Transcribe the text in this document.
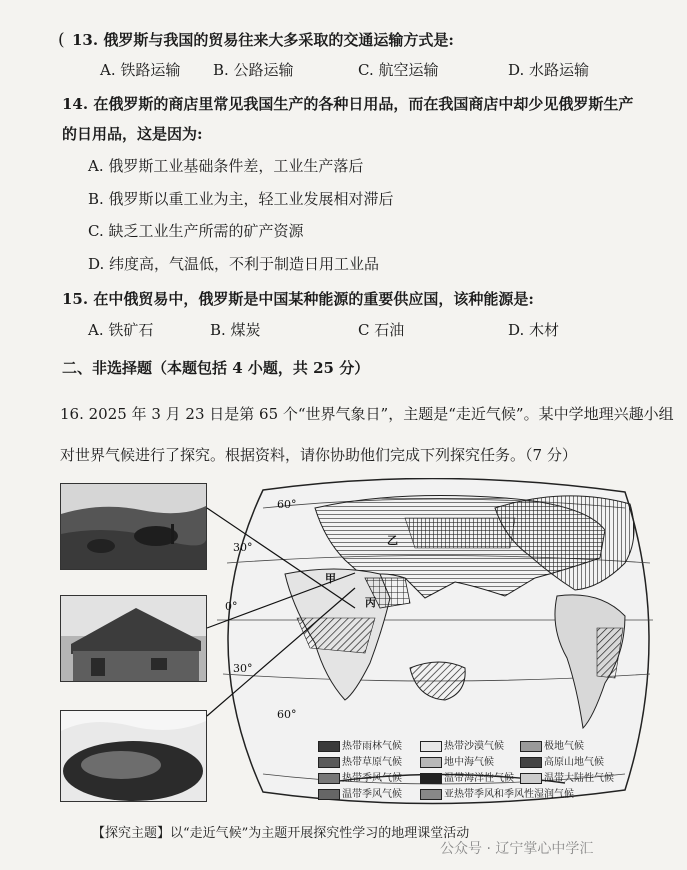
( 13. 俄罗斯与我国的贸易往来大多采取的交通运输方式是:
A. 铁路运输 B. 公路运输	C. 航空运输	D. 水路运输
14. 在俄罗斯的商店里常见我国生产的各种日用品，而在我国商店中却少见俄罗斯生产
的日用品，这是因为:
A. 俄罗斯工业基础条件差，工业生产落后
B. 俄罗斯以重工业为主，轻工业发展相对滞后
C. 缺乏工业生产所需的矿产资源
D. 纬度高，气温低，不利于制造日用工业品
15. 在中俄贸易中，俄罗斯是中国某种能源的重要供应国，该种能源是:
A. 铁矿石	B. 煤炭	C 石油	D. 木材
二、非选择题（本题包括 4 小题，共 25 分）
16. 2025 年 3 月 23 日是第 65 个“世界气象日”，主题是“走近气候”。某中学地理兴趣小组
对世界气候进行了探究。根据资料，请你协助他们完成下列探究任务。（7 分）
60°
30°
0°
30°
60°
乙
甲
丙
热带雨林气候	热带沙漠气候	极地气候
热带草原气候	地中海气候	高原山地气候
热带季风气候	温带海洋性气候	温带大陆性气候
温带季风气候	亚热带季风和季风性湿润气候
【探究主题】以“走近气候”为主题开展探究性学习的地理课堂活动
公众号 · 辽宁掌心中学汇
